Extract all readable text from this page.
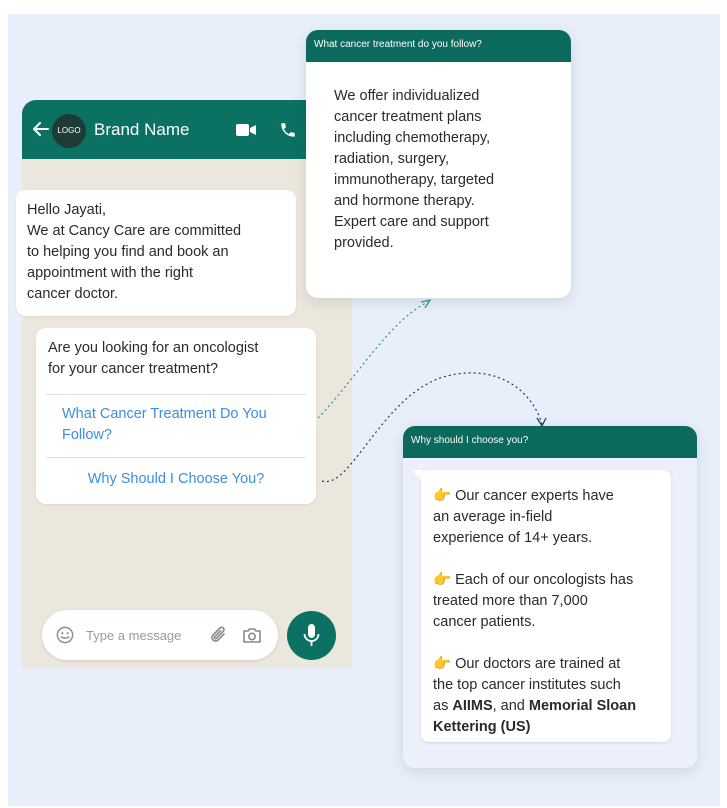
LOGO Brand Name
Hello Jayati,
We at Cancy Care are committed
to helping you find and book an
appointment with the right
cancer doctor.
Are you looking for an oncologist
for your cancer treatment?
What Cancer Treatment Do You
Follow?
Why Should I Choose You?
Type a message
What cancer treatment do you follow?
We offer individualized
cancer treatment plans
including chemotherapy,
radiation, surgery,
immunotherapy, targeted
and hormone therapy.
Expert care and support
provided.
Why should I choose you?
👉 Our cancer experts have
an average in-field
experience of 14+ years.
👉 Each of our oncologists has
treated more than 7,000
cancer patients.
👉 Our doctors are trained at
the top cancer institutes such
as AIIMS, and Memorial Sloan
Kettering (US)
